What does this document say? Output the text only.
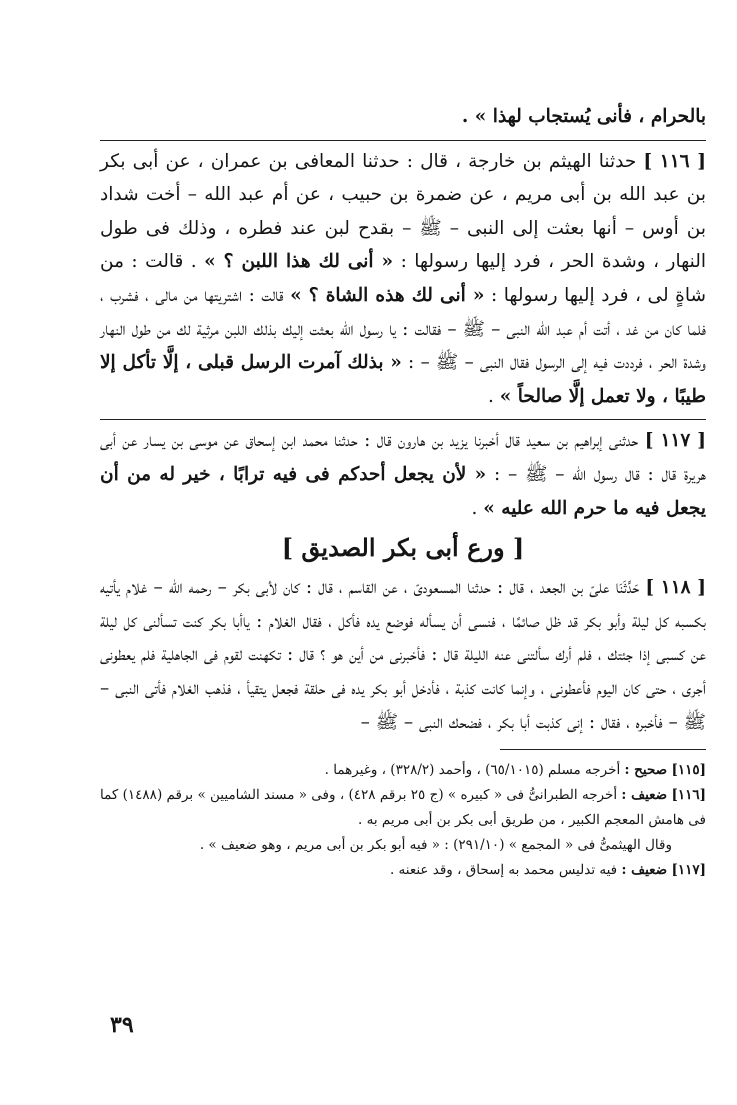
بالحرام ، فأنى يُستجاب لهذا » .

[ ١١٦ ] حدثنا الهيثم بن خارجة ، قال : حدثنا المعافى بن عمران ، عن أبى بكر بن عبد الله بن أبى مريم ، عن ضمرة بن حبيب ، عن أم عبد الله – أخت شداد بن أوس – أنها بعثت إلى النبى – ﷺ – بقدح لبن عند فطره ، وذلك فى طول النهار ، وشدة الحر ، فرد إليها رسولها : « أنى لك هذا اللبن ؟ » . قالت : من شاةٍ لى ، فرد إليها رسولها : « أنى لك هذه الشاة ؟ » قالت : اشتريتها من مالى ، فشرب ، فلما كان من غد ، أتت أم عبد الله النبى – ﷺ – فقالت : يا رسول الله بعثت إليك بذلك اللبن مرثية لك من طول النهار وشدة الحر ، فرددت فيه إلى الرسول فقال النبى – ﷺ – : « بذلك آمرت الرسل قبلى ، إلَّا تأكل إلا طيبًا ، ولا تعمل إلَّا صالحاً » .

[ ١١٧ ] حدثنى إبراهيم بن سعيد قال أخبرنا يزيد بن هارون قال : حدثنا محمد ابن إسحاق عن موسى بن يسار عن أبى هريرة قال : قال رسول الله – ﷺ – : « لأن يجعل أحدكم فى فيه ترابًا ، خير له من أن يجعل فيه ما حرم الله عليه » .

[ ورع أبى بكر الصديق ]

[ ١١٨ ] حَدَّثَنَا علىّ بن الجعد ، قال : حدثنا المسعودىّ ، عن القاسم ، قال : كان لأبى بكر – رحمه الله – غلام يأتيه بكسبه كل ليلة وأبو بكر قد ظل صائمًا ، فنسى أن يسأله فوضع يده فأكل ، فقال الغلام : ياأبا بكر كنت تسألنى كل ليلة عن كسبى إذا جئتك ، فلم أرك سألتنى عنه الليلة قال : فأخبرنى من أين هو ؟ قال : تكهنت لقوم فى الجاهلية فلم يعطونى أجرى ، حتى كان اليوم فأعطونى ، وإنما كانت كذبة ، فأدخل أبو بكر يده فى حلقة فجعل يتقيأ ، فذهب الغلام فأتى النبى – ﷺ – فأخبره ، فقال : إنى كذبت أبا بكر ، فضحك النبى – ﷺ –

[١١٥] صحيح : أخرجه مسلم (٦٥/١٠١٥) ، وأحمد (٣٢٨/٢) ، وغيرهما .

[١١٦] ضعيف : أخرجه الطبرانىُّ فى « كبيره » (ج ٢٥ برقم ٤٢٨) ، وفى « مسند الشاميين » برقم (١٤٨٨) كما فى هامش المعجم الكبير ، من طريق أبى بكر بن أبى مريم به .

وقال الهيثمىُّ فى « المجمع » (٢٩١/١٠) : « فيه أبو بكر بن أبى مريم ، وهو ضعيف » .

[١١٧] ضعيف : فيه تدليس محمد به إسحاق ، وقد عنعنه .

٣٩
